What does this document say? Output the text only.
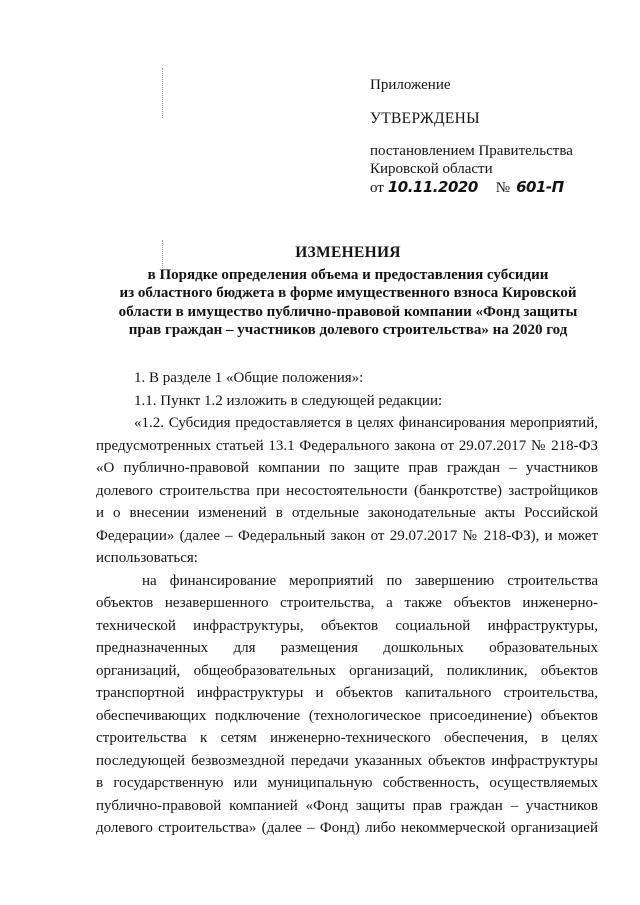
Приложение
УТВЕРЖДЕНЫ
постановлением Правительства
Кировской области
от 10.11.2020 № 601-П
ИЗМЕНЕНИЯ
в Порядке определения объема и предоставления субсидии
из областного бюджета в форме имущественного взноса Кировской
области в имущество публично-правовой компании «Фонд защиты
прав граждан – участников долевого строительства» на 2020 год

1. В разделе 1 «Общие положения»:

1.1. Пункт 1.2 изложить в следующей редакции:

«1.2. Субсидия предоставляется в целях финансирования мероприятий,

предусмотренных статьей 13.1 Федерального закона от 29.07.2017 № 218-ФЗ

«О публично-правовой компании по защите прав граждан – участников

долевого строительства при несостоятельности (банкротстве) застройщиков

и о внесении изменений в отдельные законодательные акты Российской

Федерации» (далее – Федеральный закон от 29.07.2017 № 218-ФЗ), и может

использоваться:

на финансирование мероприятий по завершению строительства

объектов незавершенного строительства, а также объектов инженерно-

технической инфраструктуры, объектов социальной инфраструктуры,

предназначенных для размещения дошкольных образовательных

организаций, общеобразовательных организаций, поликлиник, объектов

транспортной инфраструктуры и объектов капитального строительства,

обеспечивающих подключение (технологическое присоединение) объектов

строительства к сетям инженерно-технического обеспечения, в целях

последующей безвозмездной передачи указанных объектов инфраструктуры

в государственную или муниципальную собственность, осуществляемых

публично-правовой компанией «Фонд защиты прав граждан – участников

долевого строительства» (далее – Фонд) либо некоммерческой организацией
